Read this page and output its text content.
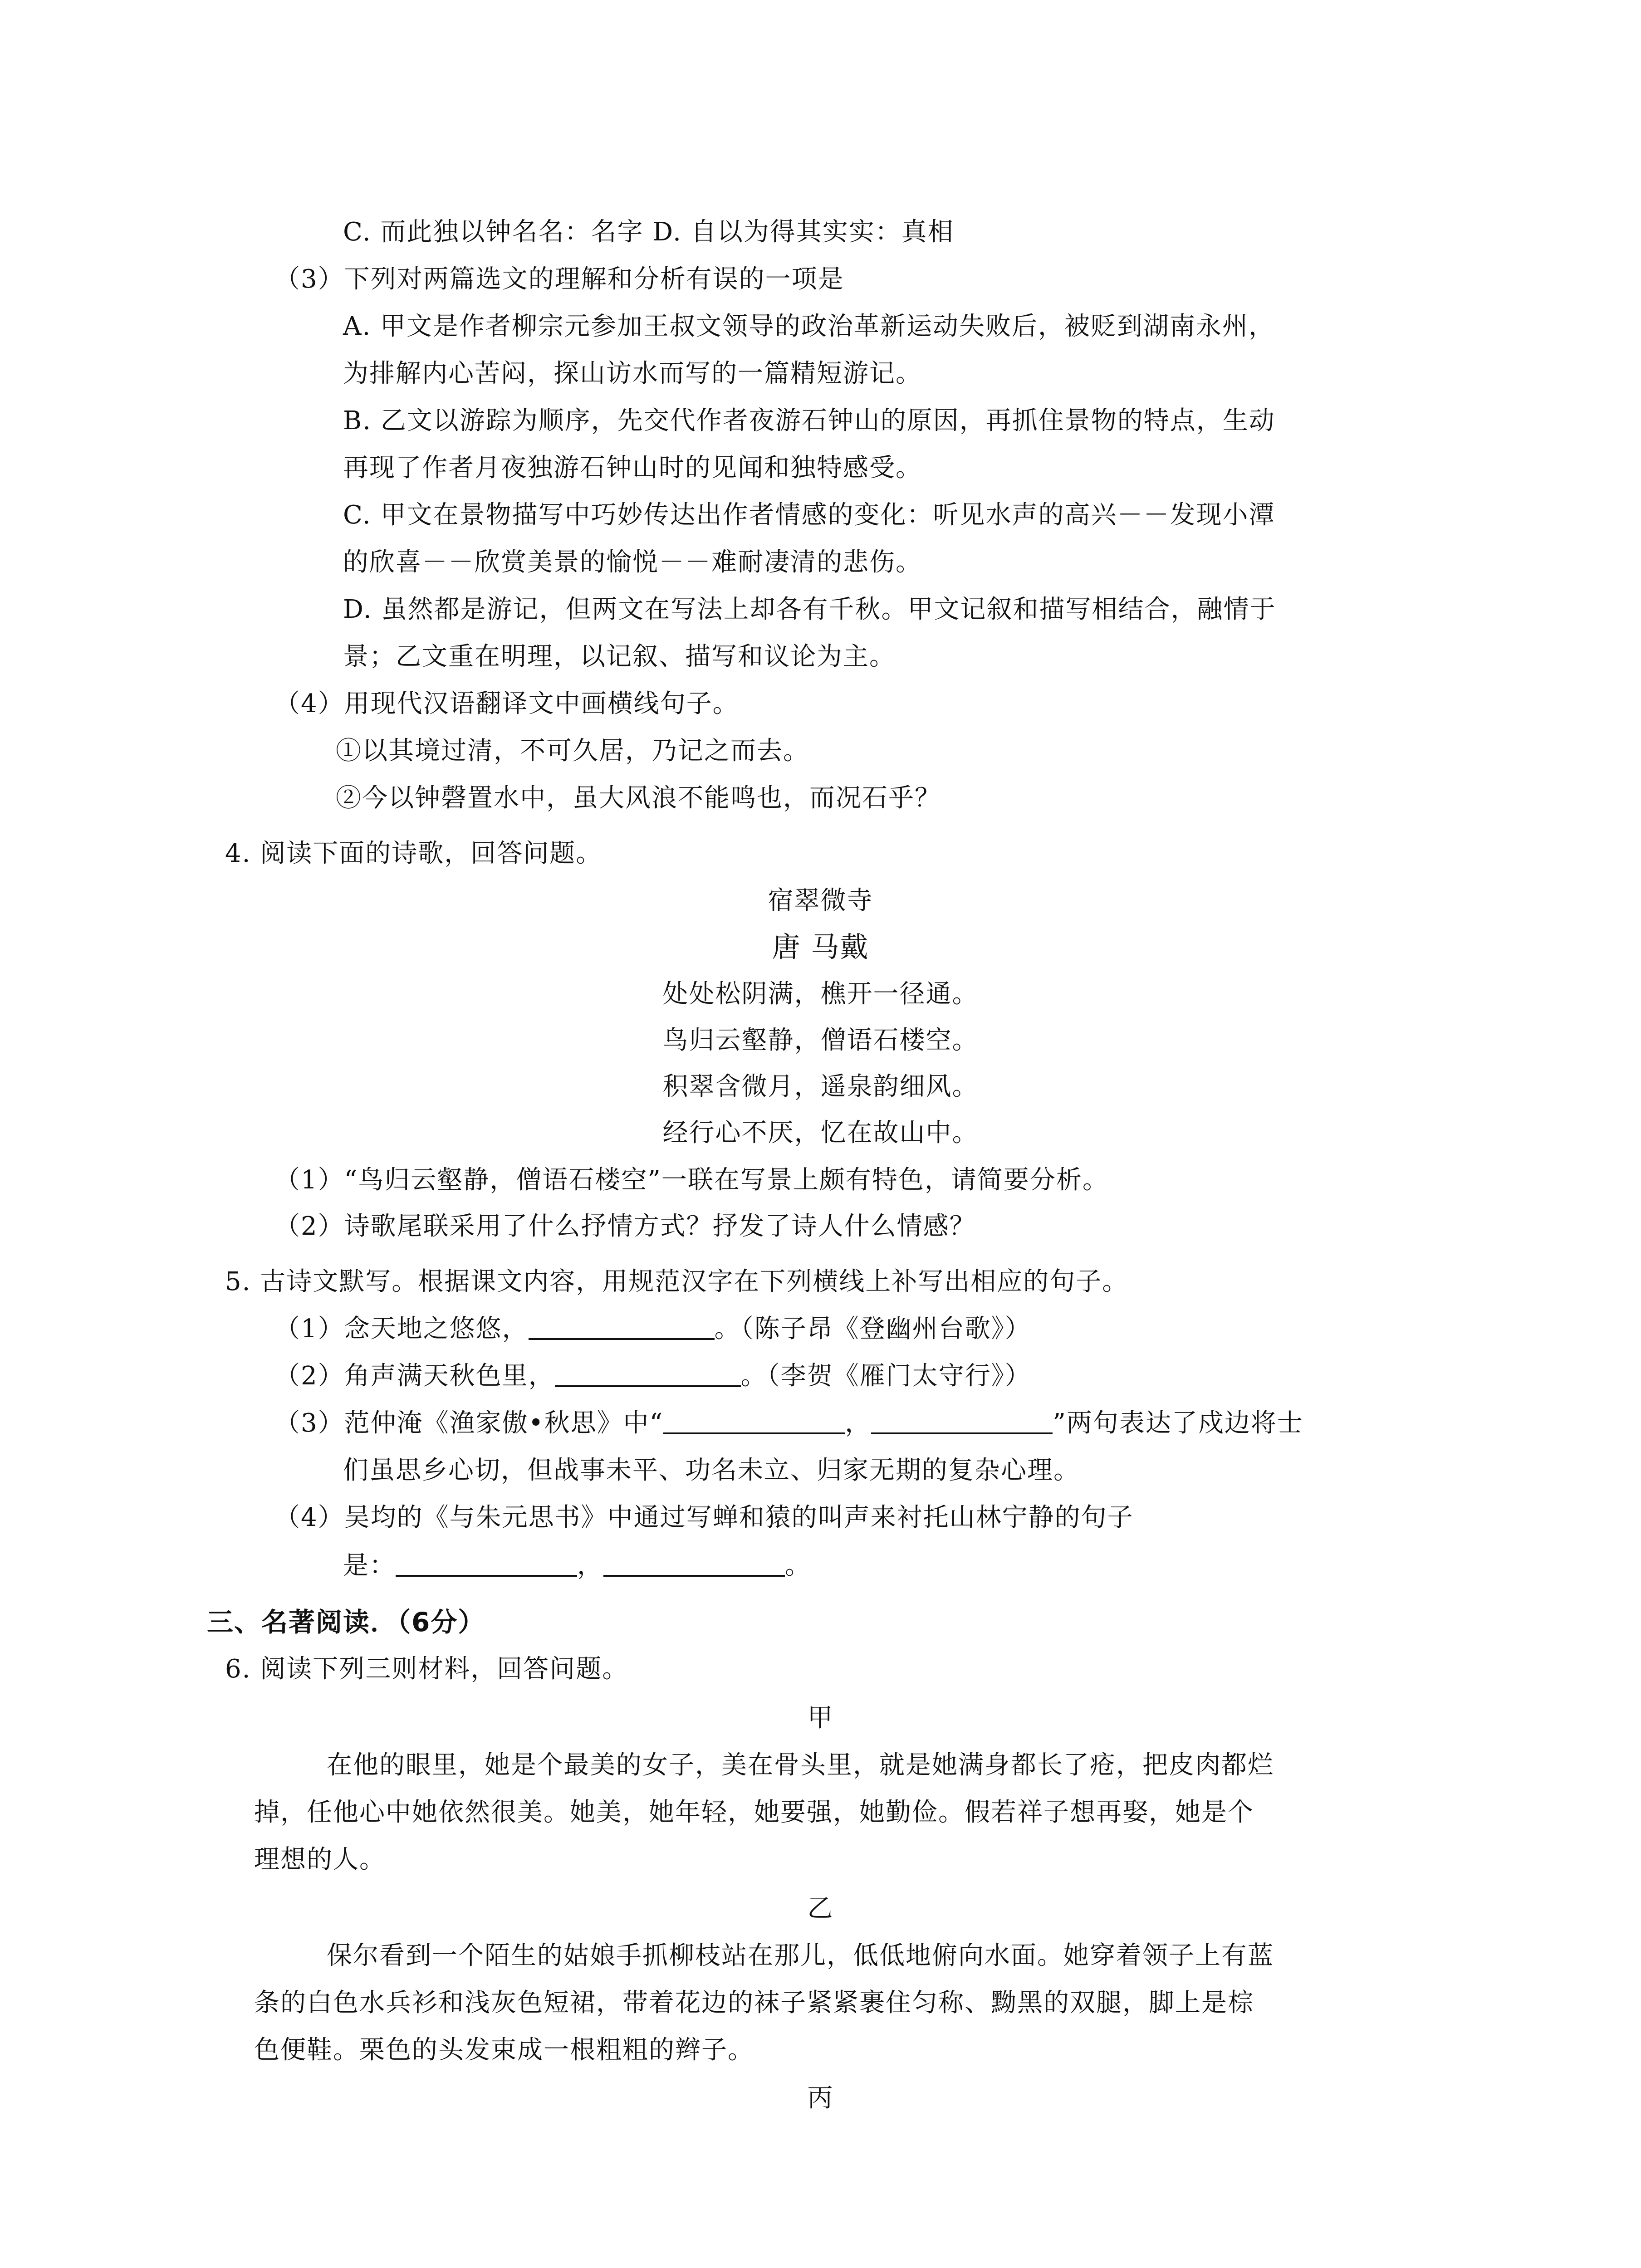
C. 而此独以钟名名：名字 D. 自以为得其实实：真相
（3）下列对两篇选文的理解和分析有误的一项是
A. 甲文是作者柳宗元参加王叔文领导的政治革新运动失败后，被贬到湖南永州，
为排解内心苦闷，探山访水而写的一篇精短游记。
B. 乙文以游踪为顺序，先交代作者夜游石钟山的原因，再抓住景物的特点，生动
再现了作者月夜独游石钟山时的见闻和独特感受。
C. 甲文在景物描写中巧妙传达出作者情感的变化：听见水声的高兴－－发现小潭
的欣喜－－欣赏美景的愉悦－－难耐凄清的悲伤。
D. 虽然都是游记，但两文在写法上却各有千秋。甲文记叙和描写相结合，融情于
景；乙文重在明理，以记叙、描写和议论为主。
（4）用现代汉语翻译文中画横线句子。
①以其境过清，不可久居，乃记之而去。
②今以钟磬置水中，虽大风浪不能鸣也，而况石乎？
4. 阅读下面的诗歌，回答问题。
宿翠微寺
唐 马戴
处处松阴满，樵开一径通。
鸟归云壑静，僧语石楼空。
积翠含微月，遥泉韵细风。
经行心不厌，忆在故山中。
（1）“鸟归云壑静，僧语石楼空”一联在写景上颇有特色，请简要分析。
（2）诗歌尾联采用了什么抒情方式？抒发了诗人什么情感？
5. 古诗文默写。根据课文内容，用规范汉字在下列横线上补写出相应的句子。
（1）念天地之悠悠，	。（陈子昂《登幽州台歌》）
（2）角声满天秋色里，	。（李贺《雁门太守行》）
（3）范仲淹《渔家傲•秋思》中“	，	”两句表达了戍边将士
们虽思乡心切，但战事未平、功名未立、归家无期的复杂心理。
（4）吴均的《与朱元思书》中通过写蝉和猿的叫声来衬托山林宁静的句子
是：	，	。
三、名著阅读．（6分）
6. 阅读下列三则材料，回答问题。
甲
在他的眼里，她是个最美的女子，美在骨头里，就是她满身都长了疮，把皮肉都烂
掉，任他心中她依然很美。她美，她年轻，她要强，她勤俭。假若祥子想再娶，她是个
理想的人。
乙
保尔看到一个陌生的姑娘手抓柳枝站在那儿，低低地俯向水面。她穿着领子上有蓝
条的白色水兵衫和浅灰色短裙，带着花边的袜子紧紧裹住匀称、黝黑的双腿，脚上是棕
色便鞋。栗色的头发束成一根粗粗的辫子。
丙
